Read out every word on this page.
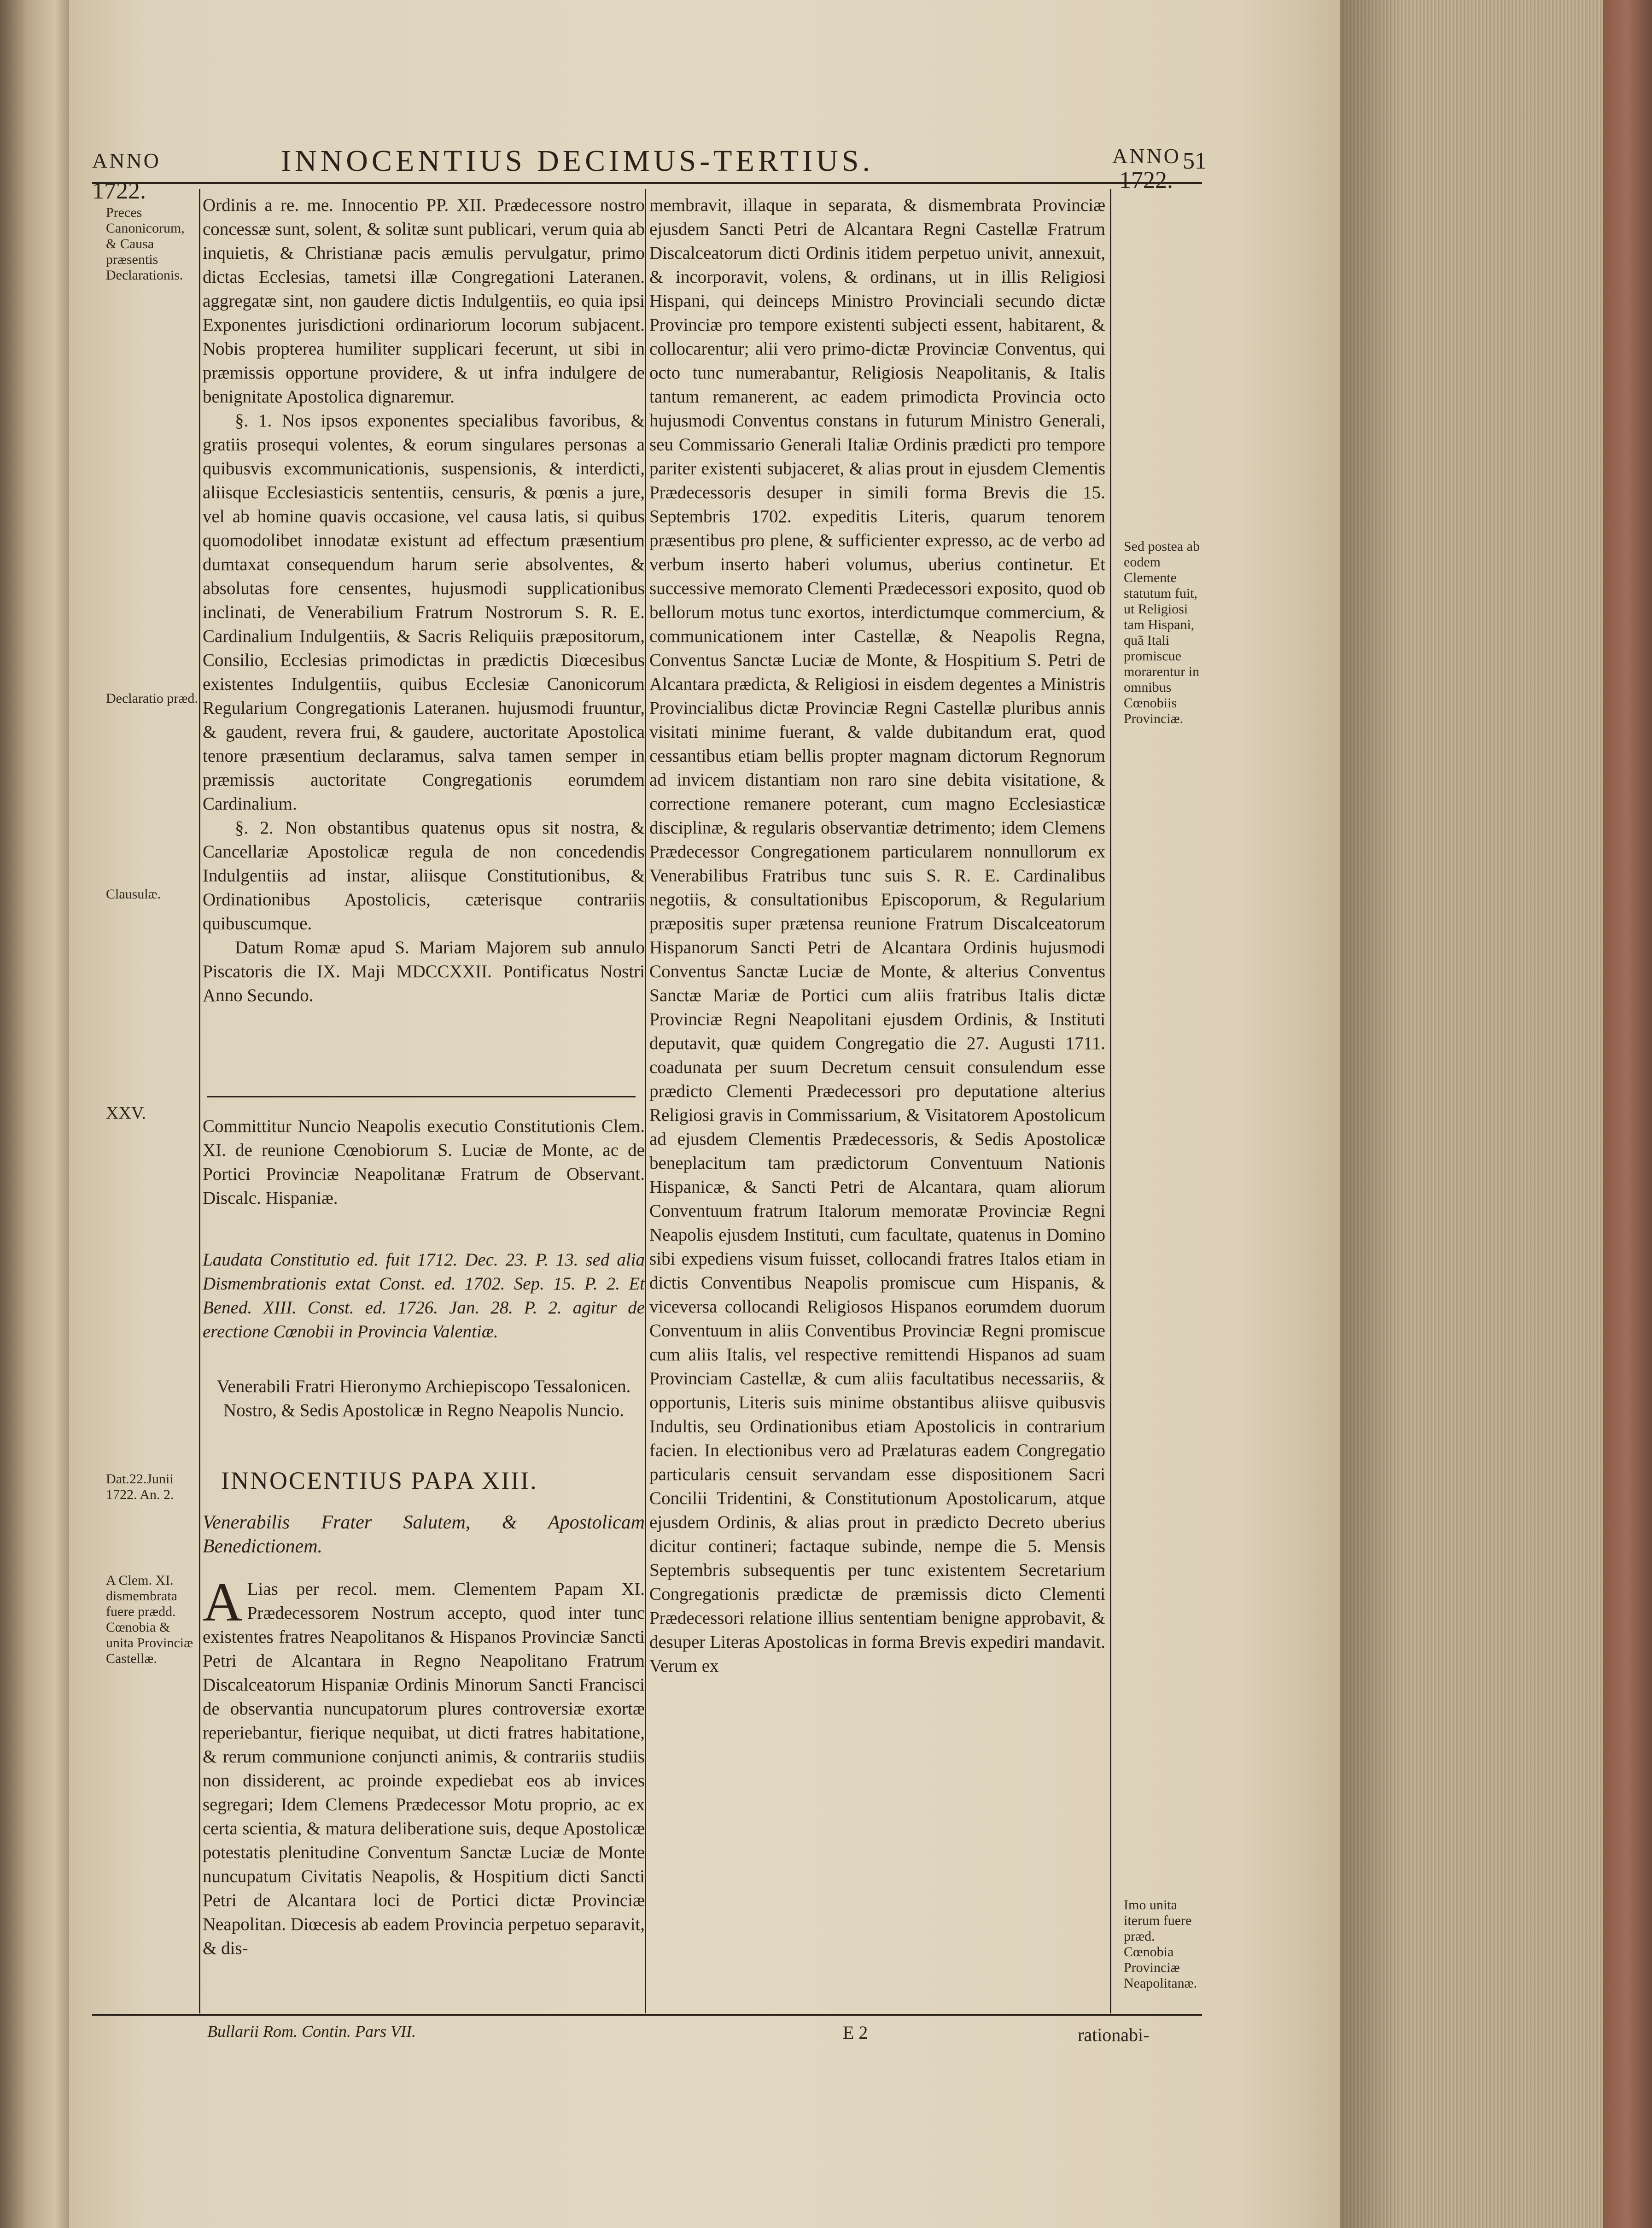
ANNO	INNOCENTIUS DECIMUS-TERTIUS.	51
ANNO
1722.	1722.
Preces Canonicorum, & Causa præsentis Declarationis.
Declaratio præd.
Clausulæ.
XXV.
Dat.22.Junii 1722. An. 2.
A Clem. XI. dismembrata fuere prædd. Cœnobia & unita Provinciæ Castellæ.
Sed postea ab eodem Clemente statutum fuit, ut Religiosi tam Hispani, quã Itali promiscue morarentur in omnibus Cœnobiis Provinciæ.
Imo unita iterum fuere præd. Cœnobia Provinciæ Neapolitanæ.

Ordinis a re. me. Innocentio PP. XII. Prædecessore nostro concessæ sunt, solent, & solitæ sunt publicari, verum quia ab inquietis, & Christianæ pacis æmulis pervulgatur, primo dictas Ecclesias, tametsi illæ Congregationi Lateranen. aggregatæ sint, non gaudere dictis Indulgentiis, eo quia ipsi Exponentes jurisdictioni ordinariorum locorum subjacent. Nobis propterea humiliter supplicari fecerunt, ut sibi in præmissis opportune providere, & ut infra indulgere de benignitate Apostolica dignaremur.

§. 1. Nos ipsos exponentes specialibus favoribus, & gratiis prosequi volentes, & eorum singulares personas a quibusvis excommunicationis, suspensionis, & interdicti, aliisque Ecclesiasticis sententiis, censuris, & pœnis a jure, vel ab homine quavis occasione, vel causa latis, si quibus quomodolibet innodatæ existunt ad effectum præsentium dumtaxat consequendum harum serie absolventes, & absolutas fore censentes, hujusmodi supplicationibus inclinati, de Venerabilium Fratrum Nostrorum S. R. E. Cardinalium Indulgentiis, & Sacris Reliquiis præpositorum, Consilio, Ecclesias primodictas in prædictis Diœcesibus existentes Indulgentiis, quibus Ecclesiæ Canonicorum Regularium Congregationis Lateranen. hujusmodi fruuntur, & gaudent, revera frui, & gaudere, auctoritate Apostolica tenore præsentium declaramus, salva tamen semper in præmissis auctoritate Congregationis eorumdem Cardinalium.

§. 2. Non obstantibus quatenus opus sit nostra, & Cancellariæ Apostolicæ regula de non concedendis Indulgentiis ad instar, aliisque Constitutionibus, & Ordinationibus Apostolicis, cæterisque contrariis quibuscumque.

Datum Romæ apud S. Mariam Majorem sub annulo Piscatoris die IX. Maji MDCCXXII. Pontificatus Nostri Anno Secundo.

Committitur Nuncio Neapolis executio Constitutionis Clem. XI. de reunione Cœnobiorum S. Luciæ de Monte, ac de Portici Provinciæ Neapolitanæ Fratrum de Observant. Discalc. Hispaniæ.
Laudata Constitutio ed. fuit 1712. Dec. 23. P. 13. sed alia Dismembrationis extat Const. ed. 1702. Sep. 15. P. 2. Et Bened. XIII. Const. ed. 1726. Jan. 28. P. 2. agitur de erectione Cœnobii in Provincia Valentiæ.
Venerabili Fratri Hieronymo Archiepiscopo Tessalonicen. Nostro, & Sedis Apostolicæ in Regno Neapolis Nuncio.
INNOCENTIUS PAPA XIII.
Venerabilis Frater Salutem, & Apostolicam Benedictionem.
A Lias per recol. mem. Clementem Papam XI. Prædecessorem Nostrum accepto, quod inter tunc existentes fratres Neapolitanos & Hispanos Provinciæ Sancti Petri de Alcantara in Regno Neapolitano Fratrum Discalceatorum Hispaniæ Ordinis Minorum Sancti Francisci de observantia nuncupatorum plures controversiæ exortæ reperiebantur, fierique nequibat, ut dicti fratres habitatione, & rerum communione conjuncti animis, & contrariis studiis non dissiderent, ac proinde expediebat eos ab invices segregari; Idem Clemens Prædecessor Motu proprio, ac ex certa scientia, & matura deliberatione suis, deque Apostolicæ potestatis plenitudine Conventum Sanctæ Luciæ de Monte nuncupatum Civitatis Neapolis, & Hospitium dicti Sancti Petri de Alcantara loci de Portici dictæ Provinciæ Neapolitan. Diœcesis ab eadem Provincia perpetuo separavit, & dis-

membravit, illaque in separata, & dismembrata Provinciæ ejusdem Sancti Petri de Alcantara Regni Castellæ Fratrum Discalceatorum dicti Ordinis itidem perpetuo univit, annexuit, & incorporavit, volens, & ordinans, ut in illis Religiosi Hispani, qui deinceps Ministro Provinciali secundo dictæ Provinciæ pro tempore existenti subjecti essent, habitarent, & collocarentur; alii vero primo-dictæ Provinciæ Conventus, qui octo tunc numerabantur, Religiosis Neapolitanis, & Italis tantum remanerent, ac eadem primodicta Provincia octo hujusmodi Conventus constans in futurum Ministro Generali, seu Commissario Generali Italiæ Ordinis prædicti pro tempore pariter existenti subjaceret, & alias prout in ejusdem Clementis Prædecessoris desuper in simili forma Brevis die 15. Septembris 1702. expeditis Literis, quarum tenorem præsentibus pro plene, & sufficienter expresso, ac de verbo ad verbum inserto haberi volumus, uberius continetur. Et successive memorato Clementi Prædecessori exposito, quod ob bellorum motus tunc exortos, interdictumque commercium, & communicationem inter Castellæ, & Neapolis Regna, Conventus Sanctæ Luciæ de Monte, & Hospitium S. Petri de Alcantara prædicta, & Religiosi in eisdem degentes a Ministris Provincialibus dictæ Provinciæ Regni Castellæ pluribus annis visitati minime fuerant, & valde dubitandum erat, quod cessantibus etiam bellis propter magnam dictorum Regnorum ad invicem distantiam non raro sine debita visitatione, & correctione remanere poterant, cum magno Ecclesiasticæ disciplinæ, & regularis observantiæ detrimento; idem Clemens Prædecessor Congregationem particularem nonnullorum ex Venerabilibus Fratribus tunc suis S. R. E. Cardinalibus negotiis, & consultationibus Episcoporum, & Regularium præpositis super prætensa reunione Fratrum Discalceatorum Hispanorum Sancti Petri de Alcantara Ordinis hujusmodi Conventus Sanctæ Luciæ de Monte, & alterius Conventus Sanctæ Mariæ de Portici cum aliis fratribus Italis dictæ Provinciæ Regni Neapolitani ejusdem Ordinis, & Instituti deputavit, quæ quidem Congregatio die 27. Augusti 1711. coadunata per suum Decretum censuit consulendum esse prædicto Clementi Prædecessori pro deputatione alterius Religiosi gravis in Commissarium, & Visitatorem Apostolicum ad ejusdem Clementis Prædecessoris, & Sedis Apostolicæ beneplacitum tam prædictorum Conventuum Nationis Hispanicæ, & Sancti Petri de Alcantara, quam aliorum Conventuum fratrum Italorum memoratæ Provinciæ Regni Neapolis ejusdem Instituti, cum facultate, quatenus in Domino sibi expediens visum fuisset, collocandi fratres Italos etiam in dictis Conventibus Neapolis promiscue cum Hispanis, & viceversa collocandi Religiosos Hispanos eorumdem duorum Conventuum in aliis Conventibus Provinciæ Regni promiscue cum aliis Italis, vel respective remittendi Hispanos ad suam Provinciam Castellæ, & cum aliis facultatibus necessariis, & opportunis, Literis suis minime obstantibus aliisve quibusvis Indultis, seu Ordinationibus etiam Apostolicis in contrarium facien. In electionibus vero ad Prælaturas eadem Congregatio particularis censuit servandam esse dispositionem Sacri Concilii Tridentini, & Constitutionum Apostolicarum, atque ejusdem Ordinis, & alias prout in prædicto Decreto uberius dicitur contineri; factaque subinde, nempe die 5. Mensis Septembris subsequentis per tunc existentem Secretarium Congregationis prædictæ de præmissis dicto Clementi Prædecessori relatione illius sententiam benigne approbavit, & desuper Literas Apostolicas in forma Brevis expediri mandavit. Verum ex

Bullarii Rom. Contin. Pars VII.	E 2	rationabi-
